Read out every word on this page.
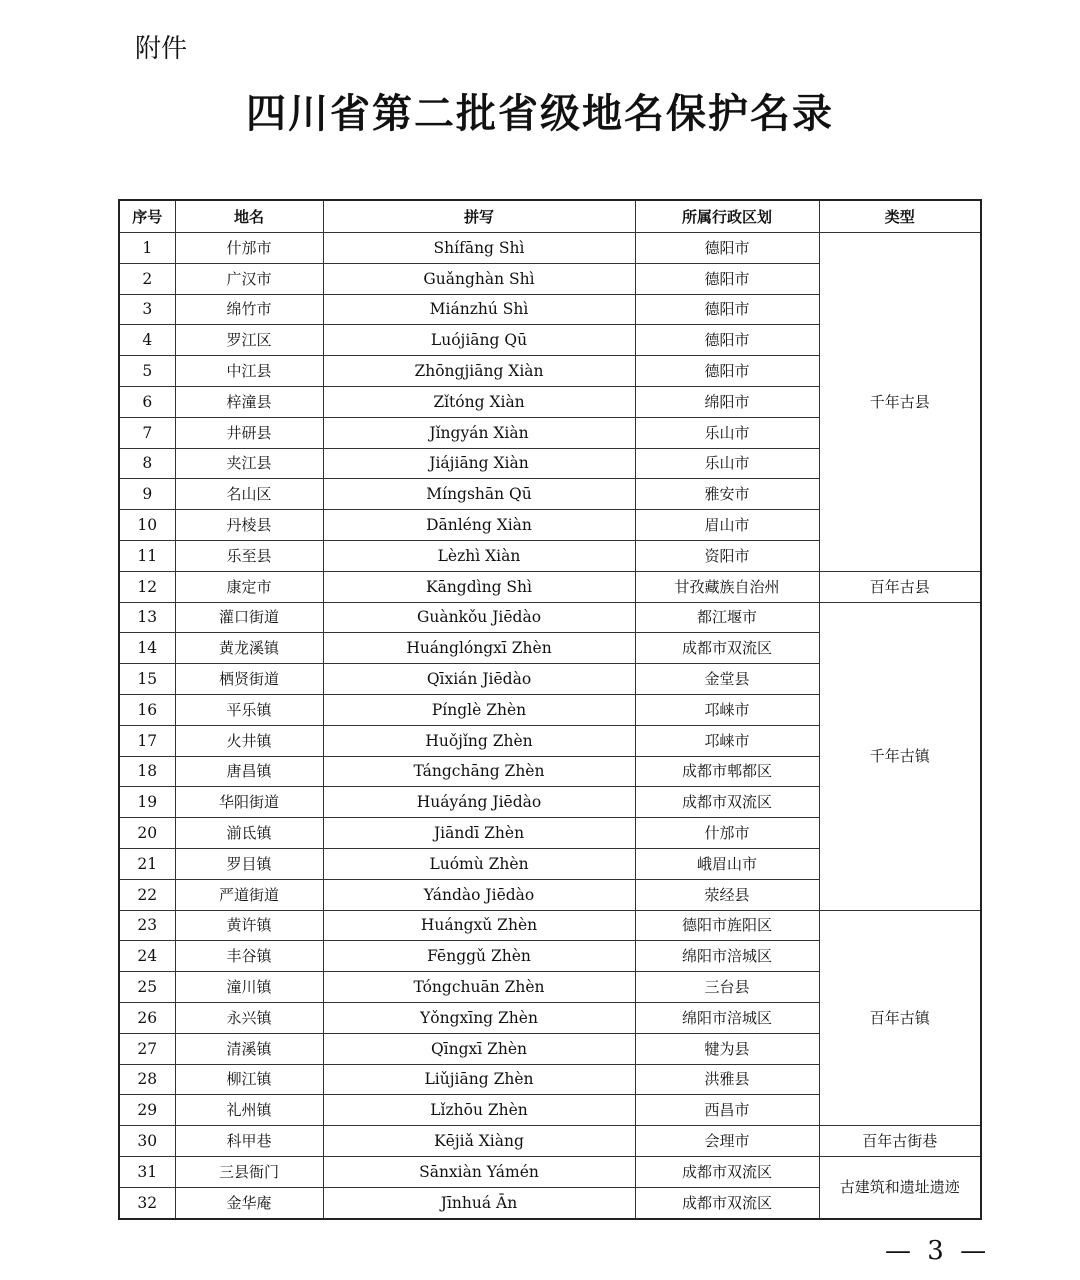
附件
四川省第二批省级地名保护名录
序号	地名	拼写	所属行政区划	类型
1	什邡市	Shífāng Shì	德阳市	千年古县
2	广汉市	Guǎnghàn Shì	德阳市	
3	绵竹市	Miánzhú Shì	德阳市	
4	罗江区	Luójiāng Qū	德阳市	
5	中江县	Zhōngjiāng Xiàn	德阳市	
6	梓潼县	Zǐtóng Xiàn	绵阳市	
7	井研县	Jǐngyán Xiàn	乐山市	
8	夹江县	Jiájiāng Xiàn	乐山市	
9	名山区	Míngshān Qū	雅安市	
10	丹棱县	Dānléng Xiàn	眉山市	
11	乐至县	Lèzhì Xiàn	资阳市	
12	康定市	Kāngdìng Shì	甘孜藏族自治州	百年古县
13	灌口街道	Guànkǒu Jiēdào	都江堰市	千年古镇
14	黄龙溪镇	Huánglóngxī Zhèn	成都市双流区	
15	栖贤街道	Qīxián Jiēdào	金堂县	
16	平乐镇	Pínglè Zhèn	邛崃市	
17	火井镇	Huǒjǐng Zhèn	邛崃市	
18	唐昌镇	Tángchāng Zhèn	成都市郫都区	
19	华阳街道	Huáyáng Jiēdào	成都市双流区	
20	湔氐镇	Jiāndī Zhèn	什邡市	
21	罗目镇	Luómù Zhèn	峨眉山市	
22	严道街道	Yándào Jiēdào	荥经县	
23	黄许镇	Huángxǔ Zhèn	德阳市旌阳区	百年古镇
24	丰谷镇	Fēnggǔ Zhèn	绵阳市涪城区	
25	潼川镇	Tóngchuān Zhèn	三台县	
26	永兴镇	Yǒngxīng Zhèn	绵阳市涪城区	
27	清溪镇	Qīngxī Zhèn	犍为县	
28	柳江镇	Liǔjiāng Zhèn	洪雅县	
29	礼州镇	Lǐzhōu Zhèn	西昌市	
30	科甲巷	Kējiǎ Xiàng	会理市	百年古街巷
31	三县衙门	Sānxiàn Yámén	成都市双流区	古建筑和遗址遗迹
32	金华庵	Jīnhuá Ān	成都市双流区	
— 3 —
